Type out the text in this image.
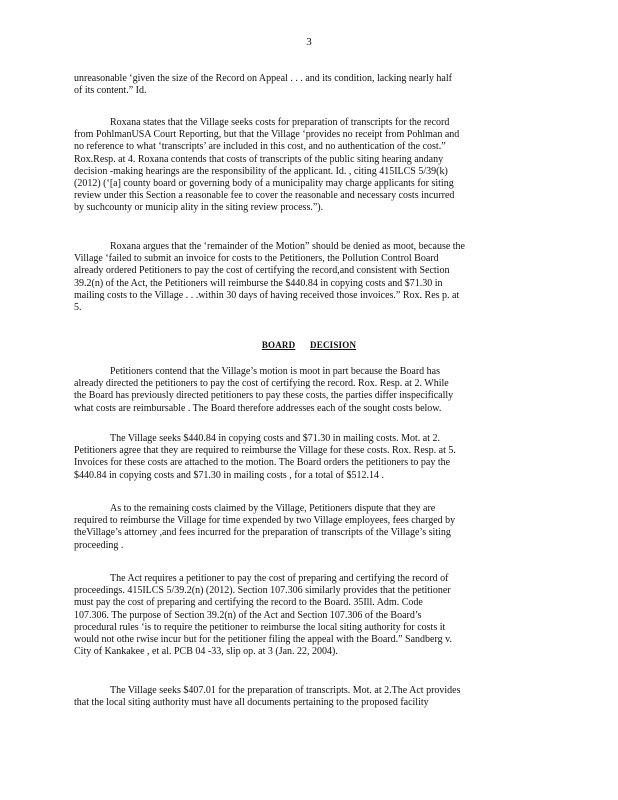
3
unreasonable ‘given the size of the Record on Appeal . . . and its condition, lacking nearly half
of its content.” Id.
Roxana states that the Village seeks costs for preparation of transcripts for the record
from PohlmanUSA Court Reporting, but that the Village ‘provides no receipt from Pohlman and
no reference to what ‘transcripts’ are included in this cost, and no authentication of the cost.”
Rox.Resp. at 4. Roxana contends that costs of transcripts of the public siting hearing andany
decision -making hearings are the responsibility of the applicant. Id. , citing 415ILCS 5/39(k)
(2012) (‘[a] county board or governing body of a municipality may charge applicants for siting
review under this Section a reasonable fee to cover the reasonable and necessary costs incurred
by suchcounty or municip ality in the siting review process.”).
Roxana argues that the ‘remainder of the Motion” should be denied as moot, because the
Village ‘failed to submit an invoice for costs to the Petitioners, the Pollution Control Board
already ordered Petitioners to pay the cost of certifying the record,and consistent with Section
39.2(n) of the Act, the Petitioners will reimburse the $440.84 in copying costs and $71.30 in
mailing costs to the Village . . .within 30 days of having received those invoices.” Rox. Res p. at
5.
BOARD DECISION
Petitioners contend that the Village’s motion is moot in part because the Board has
already directed the petitioners to pay the cost of certifying the record. Rox. Resp. at 2. While
the Board has previously directed petitioners to pay these costs, the parties differ inspecifically
what costs are reimbursable . The Board therefore addresses each of the sought costs below.
The Village seeks $440.84 in copying costs and $71.30 in mailing costs. Mot. at 2.
Petitioners agree that they are required to reimburse the Village for these costs. Rox. Resp. at 5.
Invoices for these costs are attached to the motion. The Board orders the petitioners to pay the
$440.84 in copying costs and $71.30 in mailing costs , for a total of $512.14 .
As to the remaining costs claimed by the Village, Petitioners dispute that they are
required to reimburse the Village for time expended by two Village employees, fees charged by
theVillage’s attorney ,and fees incurred for the preparation of transcripts of the Village’s siting
proceeding .
The Act requires a petitioner to pay the cost of preparing and certifying the record of
proceedings. 415ILCS 5/39.2(n) (2012). Section 107.306 similarly provides that the petitioner
must pay the cost of preparing and certifying the record to the Board. 35Ill. Adm. Code
107.306. The purpose of Section 39.2(n) of the Act and Section 107.306 of the Board’s
procedural rules ‘is to require the petitioner to reimburse the local siting authority for costs it
would not othe rwise incur but for the petitioner filing the appeal with the Board.” Sandberg v.
City of Kankakee , et al. PCB 04 -33, slip op. at 3 (Jan. 22, 2004).
The Village seeks $407.01 for the preparation of transcripts. Mot. at 2.The Act provides
that the local siting authority must have all documents pertaining to the proposed facility
